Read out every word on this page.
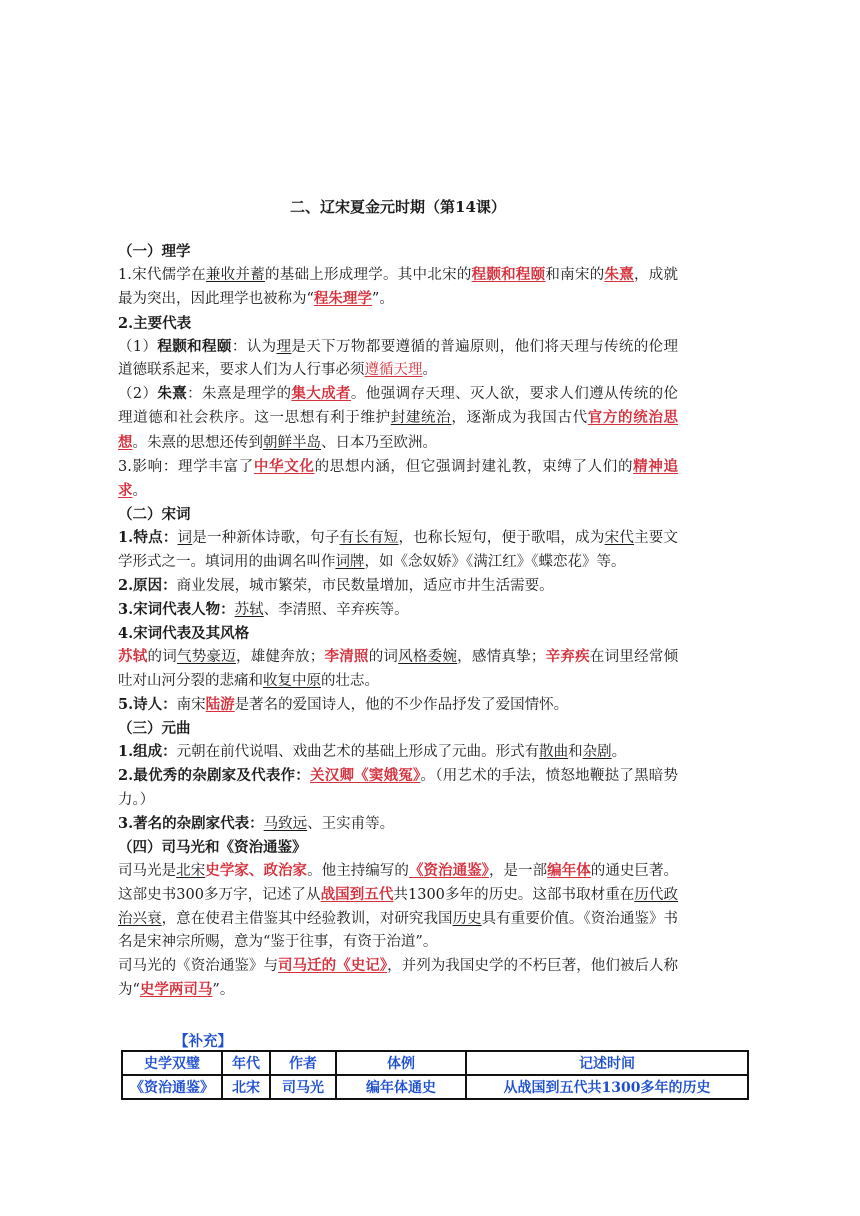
二、辽宋夏金元时期（第14课）

（一）理学

1.宋代儒学在兼收并蓄的基础上形成理学。其中北宋的程颢和程颐和南宋的朱熹，成就最为突出，因此理学也被称为“程朱理学”。

2.主要代表

（1）程颢和程颐：认为理是天下万物都要遵循的普遍原则，他们将天理与传统的伦理道德联系起来，要求人们为人行事必须遵循天理。

（2）朱熹：朱熹是理学的集大成者。他强调存天理、灭人欲，要求人们遵从传统的伦理道德和社会秩序。这一思想有利于维护封建统治，逐渐成为我国古代官方的统治思想。朱熹的思想还传到朝鲜半岛、日本乃至欧洲。

3.影响：理学丰富了中华文化的思想内涵，但它强调封建礼教，束缚了人们的精神追求。

（二）宋词

1.特点：词是一种新体诗歌，句子有长有短，也称长短句，便于歌唱，成为宋代主要文学形式之一。填词用的曲调名叫作词牌，如《念奴娇》《满江红》《蝶恋花》等。

2.原因：商业发展，城市繁荣，市民数量增加，适应市井生活需要。

3.宋词代表人物：苏轼、李清照、辛弃疾等。

4.宋词代表及其风格

苏轼的词气势豪迈，雄健奔放；李清照的词风格委婉，感情真挚；辛弃疾在词里经常倾吐对山河分裂的悲痛和收复中原的壮志。

5.诗人：南宋陆游是著名的爱国诗人，他的不少作品抒发了爱国情怀。

（三）元曲

1.组成：元朝在前代说唱、戏曲艺术的基础上形成了元曲。形式有散曲和杂剧。

2.最优秀的杂剧家及代表作：关汉卿《窦娥冤》。（用艺术的手法，愤怒地鞭挞了黑暗势力。）

3.著名的杂剧家代表：马致远、王实甫等。

（四）司马光和《资治通鉴》

司马光是北宋史学家、政治家。他主持编写的《资治通鉴》，是一部编年体的通史巨著。这部史书300多万字，记述了从战国到五代共1300多年的历史。这部书取材重在历代政治兴衰，意在使君主借鉴其中经验教训，对研究我国历史具有重要价值。《资治通鉴》书名是宋神宗所赐，意为“鉴于往事，有资于治道”。

司马光的《资治通鉴》与司马迁的《史记》，并列为我国史学的不朽巨著，他们被后人称为“史学两司马”。

【补充】
史学双璧	年代	作者	体例	记述时间
《资治通鉴》	北宋	司马光	编年体通史	从战国到五代共1300多年的历史
